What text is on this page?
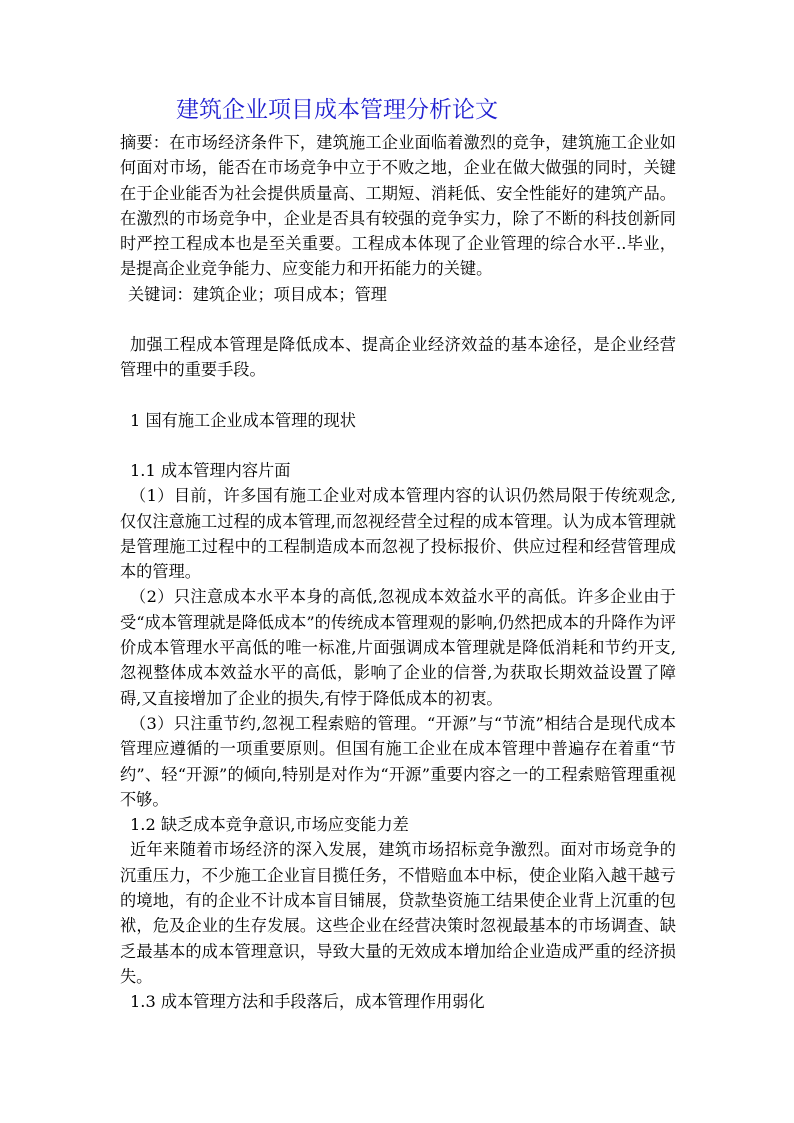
建筑企业项目成本管理分析论文

摘要：在市场经济条件下，建筑施工企业面临着激烈的竞争，建筑施工企业如何面对市场，能否在市场竞争中立于不败之地，企业在做大做强的同时，关键在于企业能否为社会提供质量高、工期短、消耗低、安全性能好的建筑产品。在激烈的市场竞争中，企业是否具有较强的竞争实力，除了不断的科技创新同时严控工程成本也是至关重要。工程成本体现了企业管理的综合水平..毕业，是提高企业竞争能力、应变能力和开拓能力的关键。

关键词：建筑企业；项目成本；管理

加强工程成本管理是降低成本、提高企业经济效益的基本途径，是企业经营管理中的重要手段。

1 国有施工企业成本管理的现状

1.1 成本管理内容片面

（1）目前，许多国有施工企业对成本管理内容的认识仍然局限于传统观念,仅仅注意施工过程的成本管理,而忽视经营全过程的成本管理。认为成本管理就是管理施工过程中的工程制造成本而忽视了投标报价、供应过程和经营管理成本的管理。

（2）只注意成本水平本身的高低,忽视成本效益水平的高低。许多企业由于受“成本管理就是降低成本”的传统成本管理观的影响,仍然把成本的升降作为评价成本管理水平高低的唯一标准,片面强调成本管理就是降低消耗和节约开支,忽视整体成本效益水平的高低，影响了企业的信誉,为获取长期效益设置了障碍,又直接增加了企业的损失,有悖于降低成本的初衷。

（3）只注重节约,忽视工程索赔的管理。“开源”与“节流”相结合是现代成本管理应遵循的一项重要原则。但国有施工企业在成本管理中普遍存在着重“节约”、轻“开源”的倾向,特别是对作为“开源”重要内容之一的工程索赔管理重视不够。

1.2 缺乏成本竞争意识,市场应变能力差

近年来随着市场经济的深入发展，建筑市场招标竞争激烈。面对市场竞争的沉重压力，不少施工企业盲目揽任务，不惜赔血本中标，使企业陷入越干越亏的境地，有的企业不计成本盲目铺展，贷款垫资施工结果使企业背上沉重的包袱，危及企业的生存发展。这些企业在经营决策时忽视最基本的市场调查、缺乏最基本的成本管理意识，导致大量的无效成本增加给企业造成严重的经济损失。

1.3 成本管理方法和手段落后，成本管理作用弱化
